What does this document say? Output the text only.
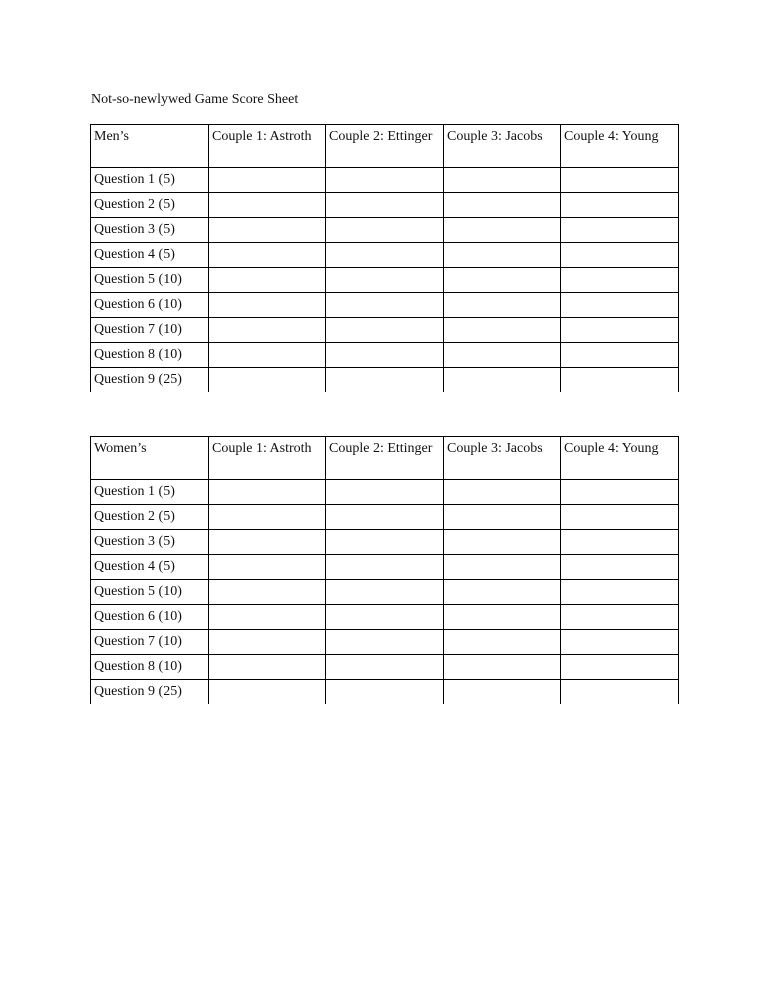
Not-so-newlywed Game Score Sheet
Men’s	Couple 1: Astroth	Couple 2: Ettinger	Couple 3: Jacobs	Couple 4: Young
Question 1 (5)				
Question 2 (5)				
Question 3 (5)				
Question 4 (5)				
Question 5 (10)				
Question 6 (10)				
Question 7 (10)				
Question 8 (10)				
Question 9 (25)				
Women’s	Couple 1: Astroth	Couple 2: Ettinger	Couple 3: Jacobs	Couple 4: Young
Question 1 (5)				
Question 2 (5)				
Question 3 (5)				
Question 4 (5)				
Question 5 (10)				
Question 6 (10)				
Question 7 (10)				
Question 8 (10)				
Question 9 (25)				
